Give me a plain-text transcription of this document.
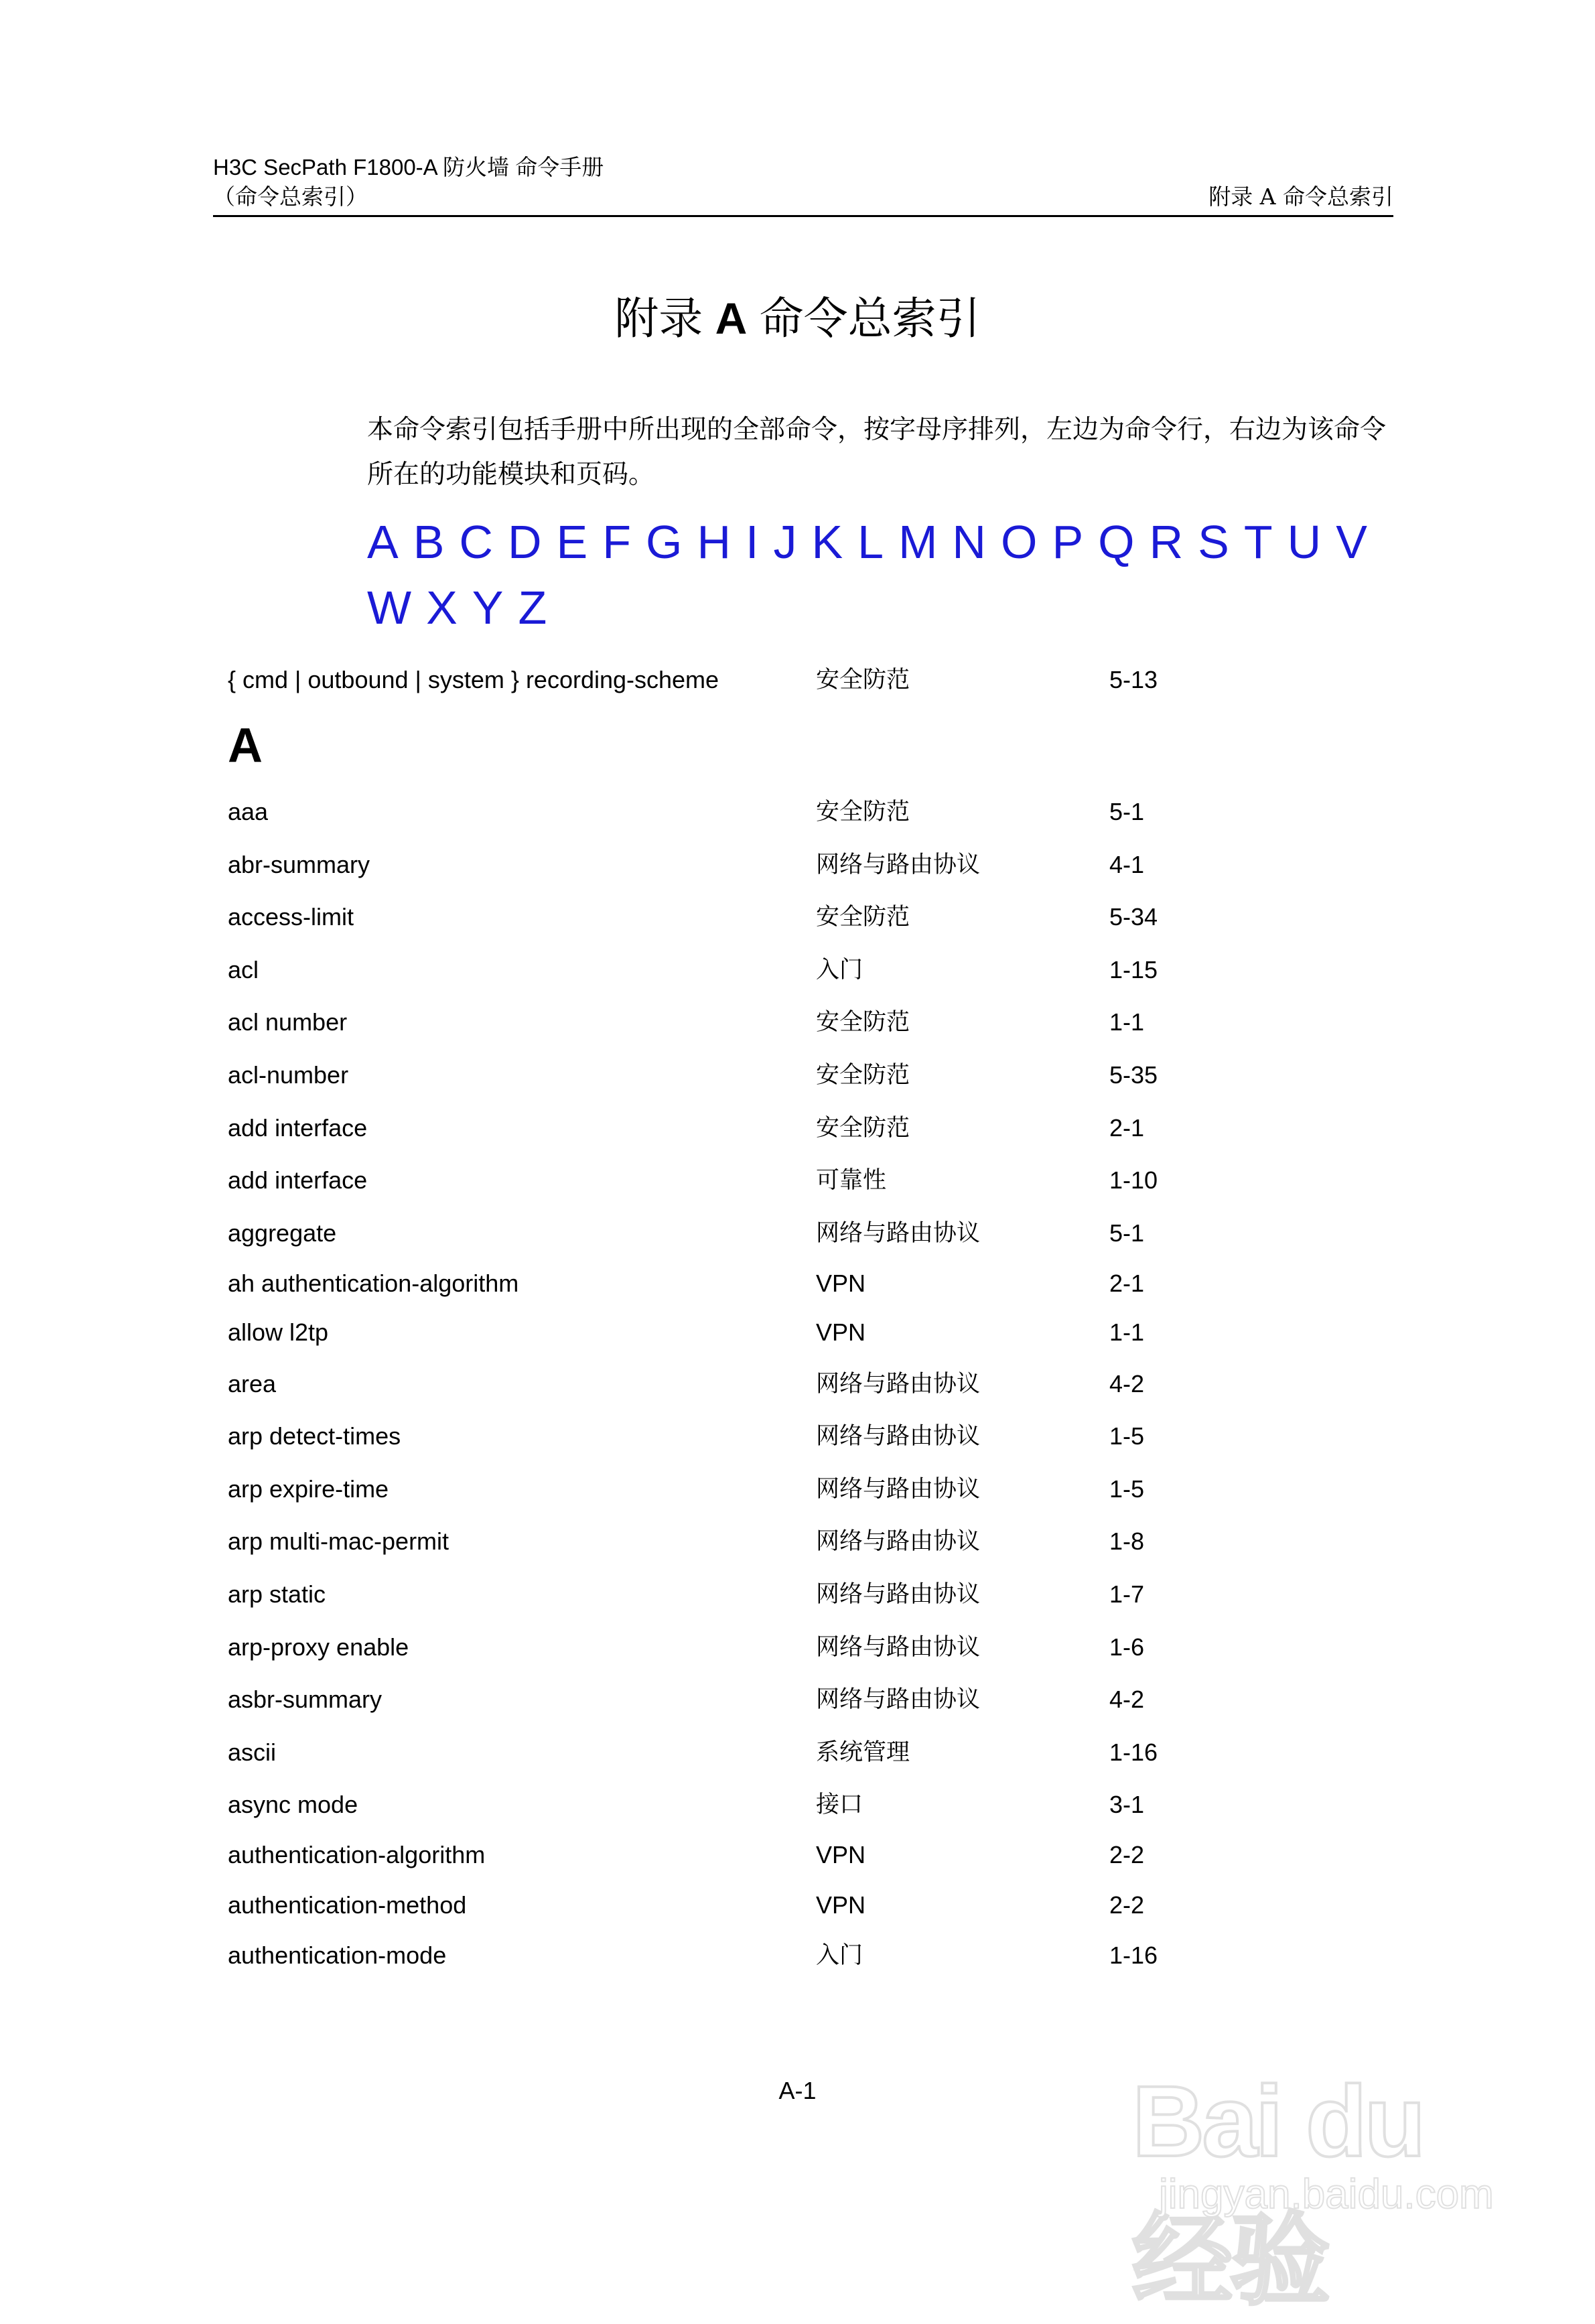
H3C SecPath F1800-A 防火墙 命令手册
（命令总索引）	附录 A 命令总索引
附录 A 命令总索引
本命令索引包括手册中所出现的全部命令，按字母序排列，左边为命令行，右边为该命令所在的功能模块和页码。
A B C D E F G H I J K L M N O P Q R S T U VW X Y Z
{ cmd | outbound | system } recording-scheme	安全防范	5-13
A
aaa	安全防范	5-1
abr-summary	网络与路由协议	4-1
access-limit	安全防范	5-34
acl	入门	1-15
acl number	安全防范	1-1
acl-number	安全防范	5-35
add interface	安全防范	2-1
add interface	可靠性	1-10
aggregate	网络与路由协议	5-1
ah authentication-algorithm	VPN	2-1
allow l2tp	VPN	1-1
area	网络与路由协议	4-2
arp detect-times	网络与路由协议	1-5
arp expire-time	网络与路由协议	1-5
arp multi-mac-permit	网络与路由协议	1-8
arp static	网络与路由协议	1-7
arp-proxy enable	网络与路由协议	1-6
asbr-summary	网络与路由协议	4-2
ascii	系统管理	1-16
async mode	接口	3-1
authentication-algorithm	VPN	2-2
authentication-method	VPN	2-2
authentication-mode	入门	1-16
A-1	Bai du 经验
jingyan.baidu.com
